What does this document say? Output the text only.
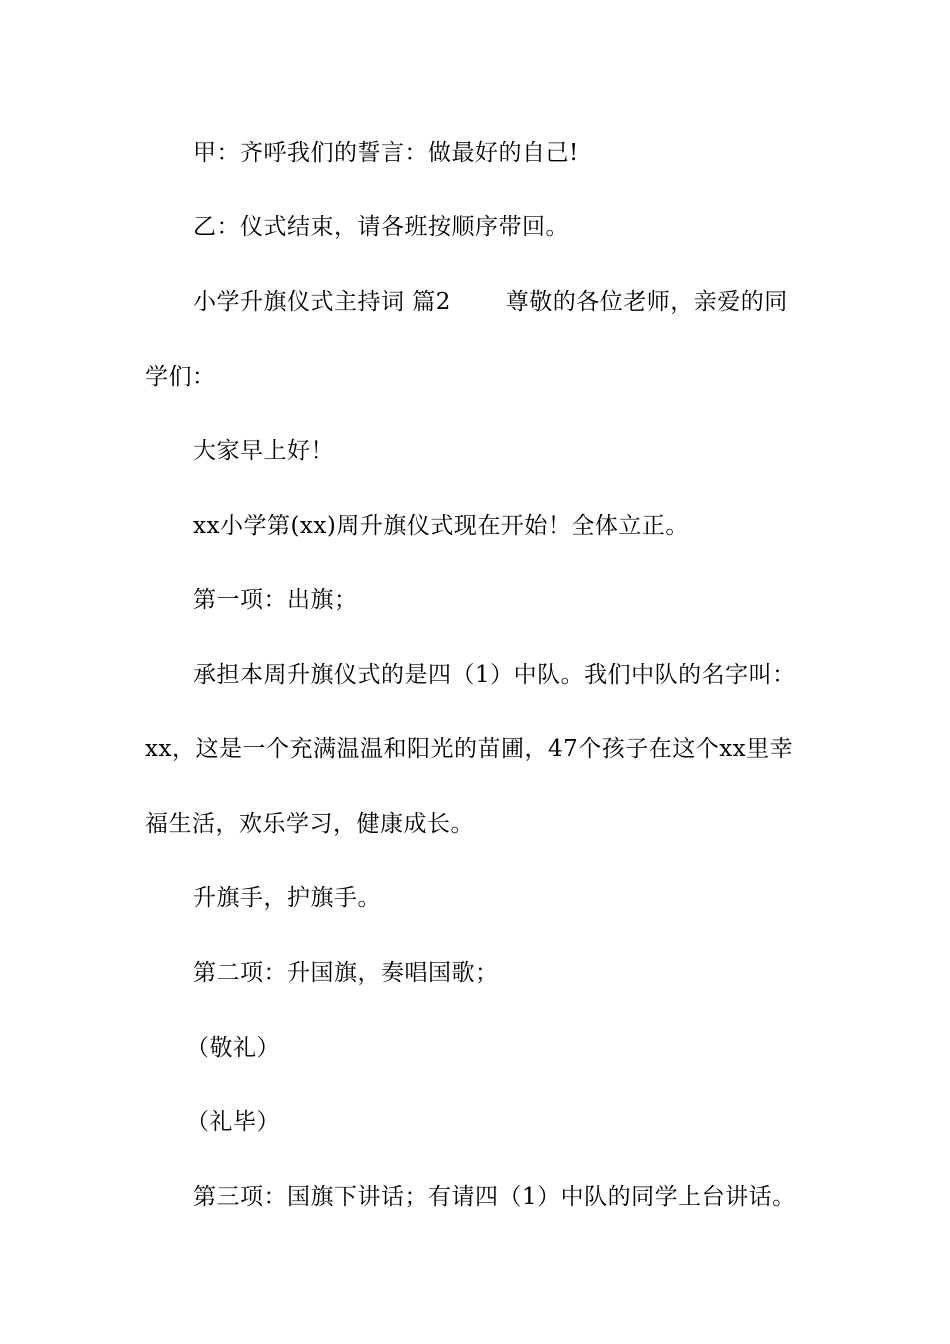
甲：齐呼我们的誓言：做最好的自己!
乙：仪式结束，请各班按顺序带回。
小学升旗仪式主持词 篇2 　　尊敬的各位老师，亲爱的同
学们：
大家早上好！
xx小学第(xx)周升旗仪式现在开始！全体立正。
第一项：出旗；
承担本周升旗仪式的是四（1）中队。我们中队的名字叫：
xx，这是一个充满温温和阳光的苗圃，47个孩子在这个xx里幸
福生活，欢乐学习，健康成长。
升旗手，护旗手。
第二项：升国旗，奏唱国歌；
（敬礼）
（礼毕）
第三项：国旗下讲话；有请四（1）中队的同学上台讲话。
